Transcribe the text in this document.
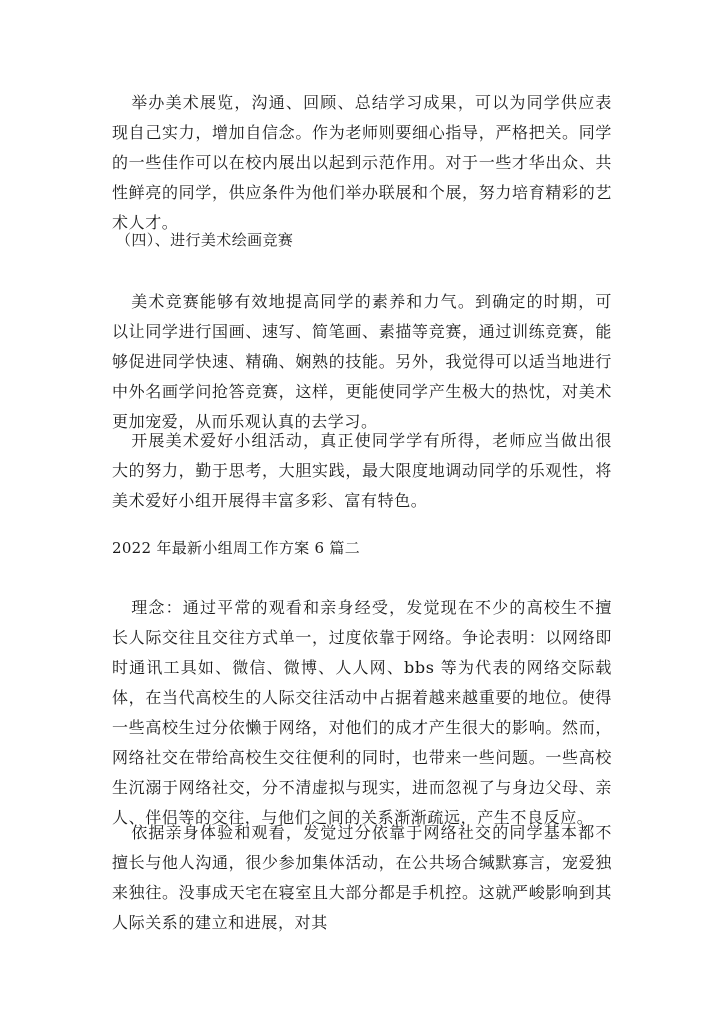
举办美术展览，沟通、回顾、总结学习成果，可以为同学供应表现自己实力，增加自信念。作为老师则要细心指导，严格把关。同学的一些佳作可以在校内展出以起到示范作用。对于一些才华出众、共性鲜亮的同学，供应条件为他们举办联展和个展，努力培育精彩的艺术人才。

（四）、进行美术绘画竞赛

美术竞赛能够有效地提高同学的素养和力气。到确定的时期，可以让同学进行国画、速写、简笔画、素描等竞赛，通过训练竞赛，能够促进同学快速、精确、娴熟的技能。另外，我觉得可以适当地进行中外名画学问抢答竞赛，这样，更能使同学产生极大的热忱，对美术更加宠爱，从而乐观认真的去学习。

开展美术爱好小组活动，真正使同学学有所得，老师应当做出很大的努力，勤于思考，大胆实践，最大限度地调动同学的乐观性，将美术爱好小组开展得丰富多彩、富有特色。

2022 年最新小组周工作方案 6 篇二

理念：通过平常的观看和亲身经受，发觉现在不少的高校生不擅长人际交往且交往方式单一，过度依靠于网络。争论表明：以网络即时通讯工具如、微信、微博、人人网、bbs 等为代表的网络交际载体，在当代高校生的人际交往活动中占据着越来越重要的地位。使得一些高校生过分依懒于网络，对他们的成才产生很大的影响。然而，网络社交在带给高校生交往便利的同时，也带来一些问题。一些高校生沉溺于网络社交，分不清虚拟与现实，进而忽视了与身边父母、亲人、伴侣等的交往，与他们之间的关系渐渐疏远，产生不良反应。

依据亲身体验和观看，发觉过分依靠于网络社交的同学基本都不擅长与他人沟通，很少参加集体活动，在公共场合缄默寡言，宠爱独来独往。没事成天宅在寝室且大部分都是手机控。这就严峻影响到其人际关系的建立和进展，对其
